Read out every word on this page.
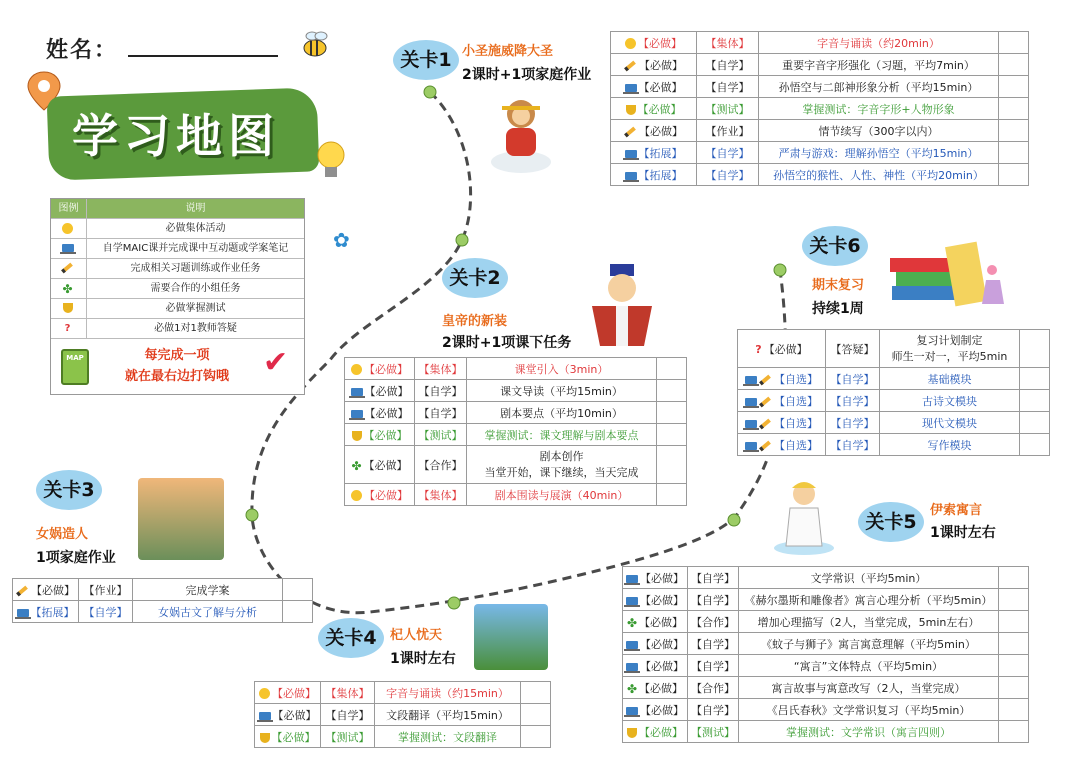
姓名：
学习地图
✿
图例	说明
必做集体活动
自学MAIC课并完成课中互动题或学案笔记
完成相关习题训练或作业任务
✤	需要合作的小组任务
必做掌握测试
?	必做1对1教师答疑
MAP	每完成一项
就在最右边打钩哦	✔
关卡1 小圣施威降大圣
2课时+1项家庭作业
【必做】	【集体】	字音与诵读（约20min）	
【必做】	【自学】	重要字音字形强化（习题，平均7min）	
【必做】	【自学】	孙悟空与二郎神形象分析（平均15min）	
【必做】	【测试】	掌握测试：字音字形+人物形象	
【必做】	【作业】	情节续写（300字以内）	
【拓展】	【自学】	严肃与游戏：理解孙悟空（平均15min）	
【拓展】	【自学】	孙悟空的猴性、人性、神性（平均20min）	
关卡2
皇帝的新装
2课时+1项课下任务
【必做】	【集体】	课堂引入（3min）	
【必做】	【自学】	课文导读（平均15min）	
【必做】	【自学】	剧本要点（平均10min）	
【必做】	【测试】	掌握测试：课文理解与剧本要点	
✤ 【必做】	【合作】	剧本创作
当堂开始，课下继续，当天完成	

【必做】	【集体】	剧本围读与展演（40min）	
关卡3
女娲造人
1项家庭作业
【必做】	【作业】	完成学案	
【拓展】	【自学】	女娲古文了解与分析	
关卡4	杞人忧天
1课时左右
【必做】	【集体】	字音与诵读（约15min）	
【必做】	【自学】	文段翻译（平均15min）	
【必做】	【测试】	掌握测试：文段翻译	
关卡5
伊索寓言
1课时左右
【必做】	【自学】	文学常识（平均5min）	
【必做】	【自学】	《赫尔墨斯和雕像者》寓言心理分析（平均5min）	
✤ 【必做】	【合作】	增加心理描写（2人，当堂完成，5min左右）	
【必做】	【自学】	《蚊子与狮子》寓言寓意理解（平均5min）	
【必做】	【自学】	“寓言”文体特点（平均5min）	
✤ 【必做】	【合作】	寓言故事与寓意改写（2人，当堂完成）	
【必做】	【自学】	《吕氏春秋》文学常识复习（平均5min）	
【必做】	【测试】	掌握测试：文学常识（寓言四则）	
关卡6
期末复习
持续1周
? 【必做】	【答疑】	复习计划制定
师生一对一，平均5min	

【自选】	【自学】	基础模块	
【自选】	【自学】	古诗文模块	
【自选】	【自学】	现代文模块	
【自选】	【自学】	写作模块	
